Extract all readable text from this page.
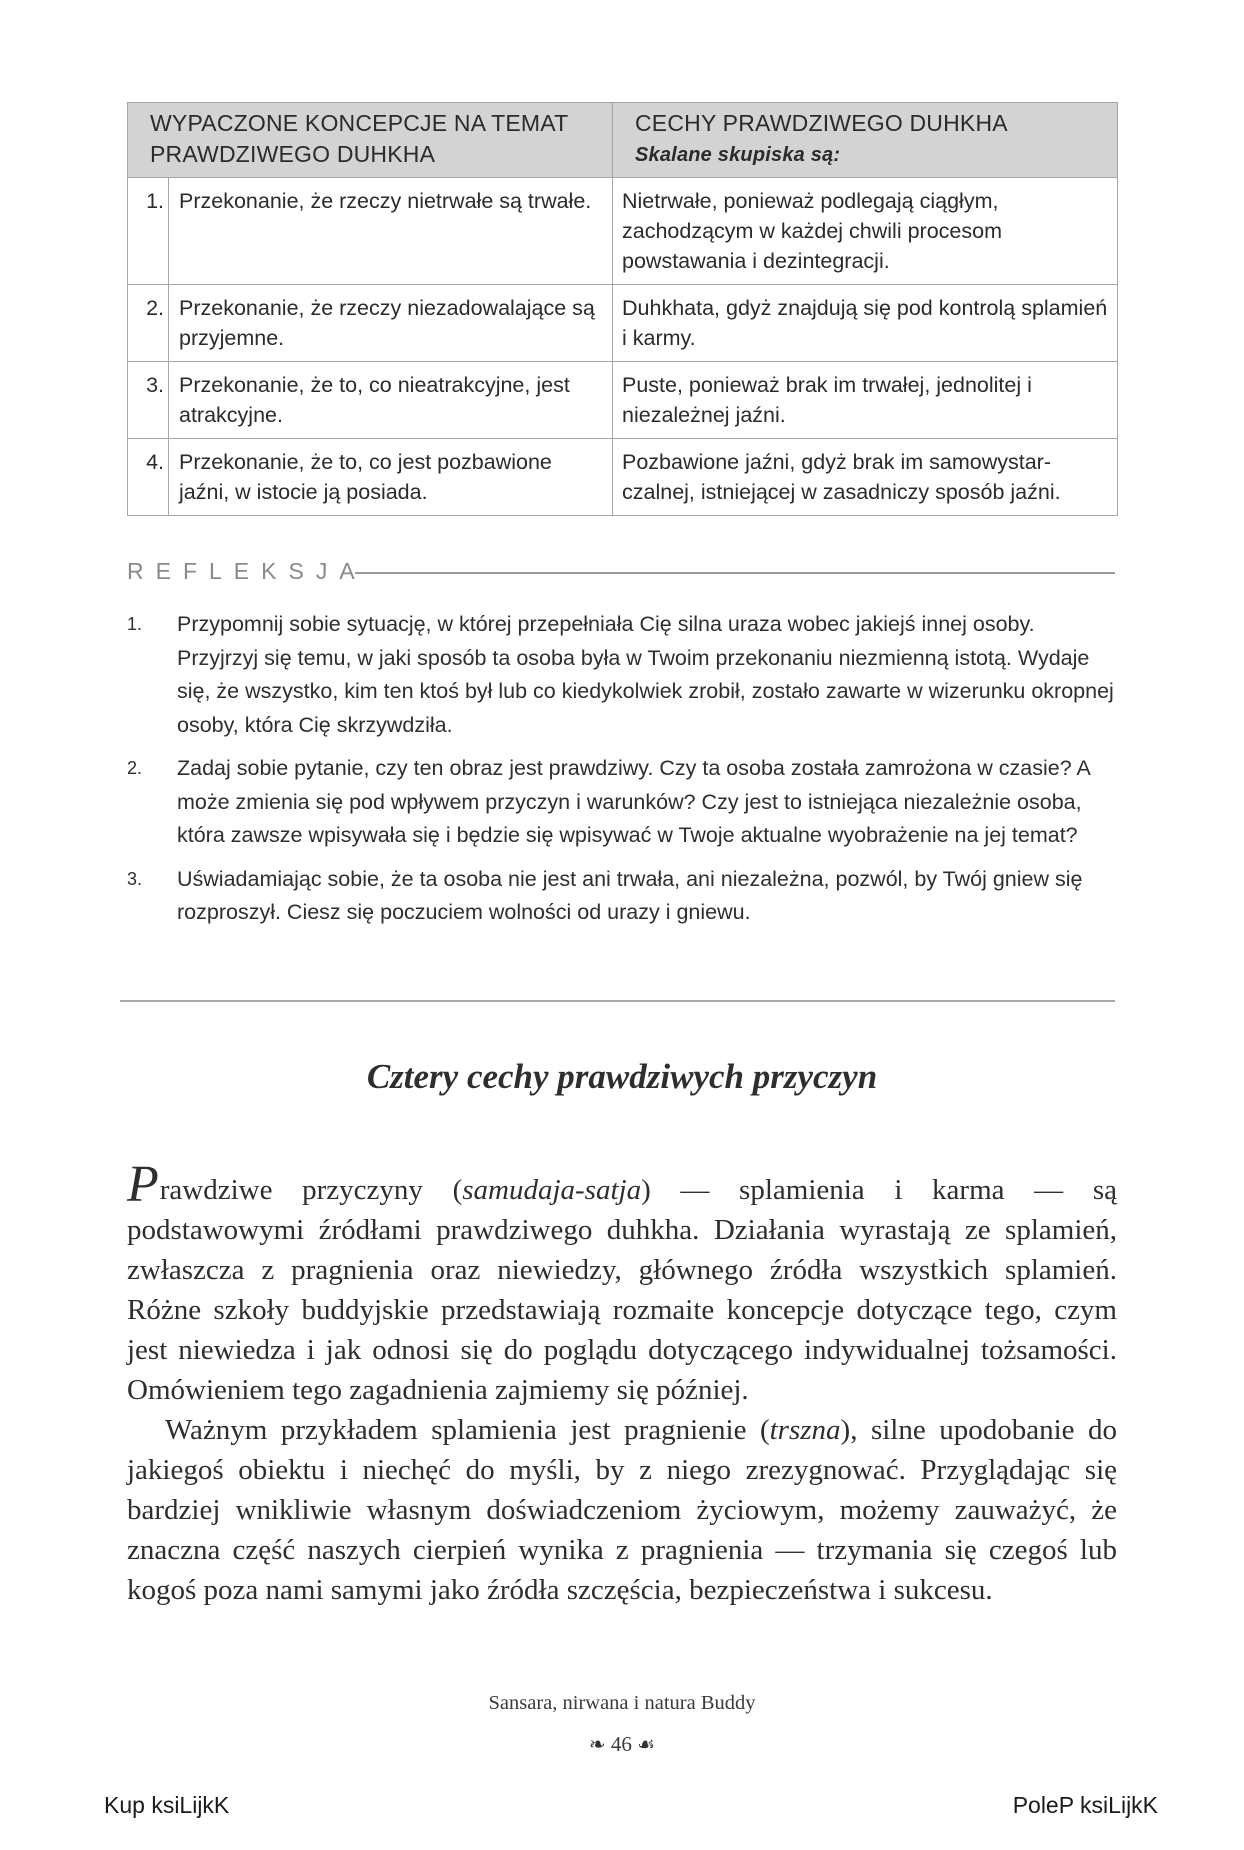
WYPACZONE KONCEPCJE NA TEMAT PRAWDZIWEGO DUHKHA		CECHY PRAWDZIWEGO DUHKHA
Skalane skupiska są:

1.	Przekonanie, że rzeczy nietrwałe są trwałe.	Nietrwałe, ponieważ podlegają ciągłym, zachodzącym w każdej chwili procesom powstawania i dezintegracji.
2.	Przekonanie, że rzeczy niezadowalające są przyjemne.	Duhkhata, gdyż znajdują się pod kontrolą splamień i karmy.
3.	Przekonanie, że to, co nieatrakcyjne, jest atrakcyjne.	Puste, ponieważ brak im trwałej, jednolitej i niezależnej jaźni.
4.	Przekonanie, że to, co jest pozbawione jaźni, w istocie ją posiada.	Pozbawione jaźni, gdyż brak im samowystarczalnej, istniejącej w zasadniczy sposób jaźni.
REFLEKSJA
1. Przypomnij sobie sytuację, w której przepełniała Cię silna uraza wobec jakiejś innej osoby. Przyjrzyj się temu, w jaki sposób ta osoba była w Twoim przekonaniu niezmienną istotą. Wydaje się, że wszystko, kim ten ktoś był lub co kiedykolwiek zrobił, zostało zawarte w wizerunku okropnej osoby, która Cię skrzywdziła.
2. Zadaj sobie pytanie, czy ten obraz jest prawdziwy. Czy ta osoba została zamrożona w czasie? A może zmienia się pod wpływem przyczyn i warunków? Czy jest to istniejąca niezależnie osoba, która zawsze wpisywała się i będzie się wpisywać w Twoje aktualne wyobrażenie na jej temat?
3. Uświadamiając sobie, że ta osoba nie jest ani trwała, ani niezależna, pozwól, by Twój gniew się rozproszył. Ciesz się poczuciem wolności od urazy i gniewu.
Cztery cechy prawdziwych przyczyn

Prawdziwe przyczyny (samudaja-satja) — splamienia i karma — są podstawowymi źródłami prawdziwego duhkha. Działania wyrastają ze splamień, zwłaszcza z pragnienia oraz niewiedzy, głównego źródła wszystkich splamień. Różne szkoły buddyjskie przedstawiają rozmaite koncepcje dotyczące tego, czym jest niewiedza i jak odnosi się do poglądu dotyczącego indywidualnej tożsamości. Omówieniem tego zagadnienia zajmiemy się później.

Ważnym przykładem splamienia jest pragnienie (trszna), silne upodobanie do jakiegoś obiektu i niechęć do myśli, by z niego zrezygnować. Przyglądając się bardziej wnikliwie własnym doświadczeniom życiowym, możemy zauważyć, że znaczna część naszych cierpień wynika z pragnienia — trzymania się czegoś lub kogoś poza nami samymi jako źródła szczęścia, bezpieczeństwa i sukcesu.

Sansara, nirwana i natura Buddy
❧ 46 ☙
Kup ksiLĳkK	PoleP ksiLĳkK
